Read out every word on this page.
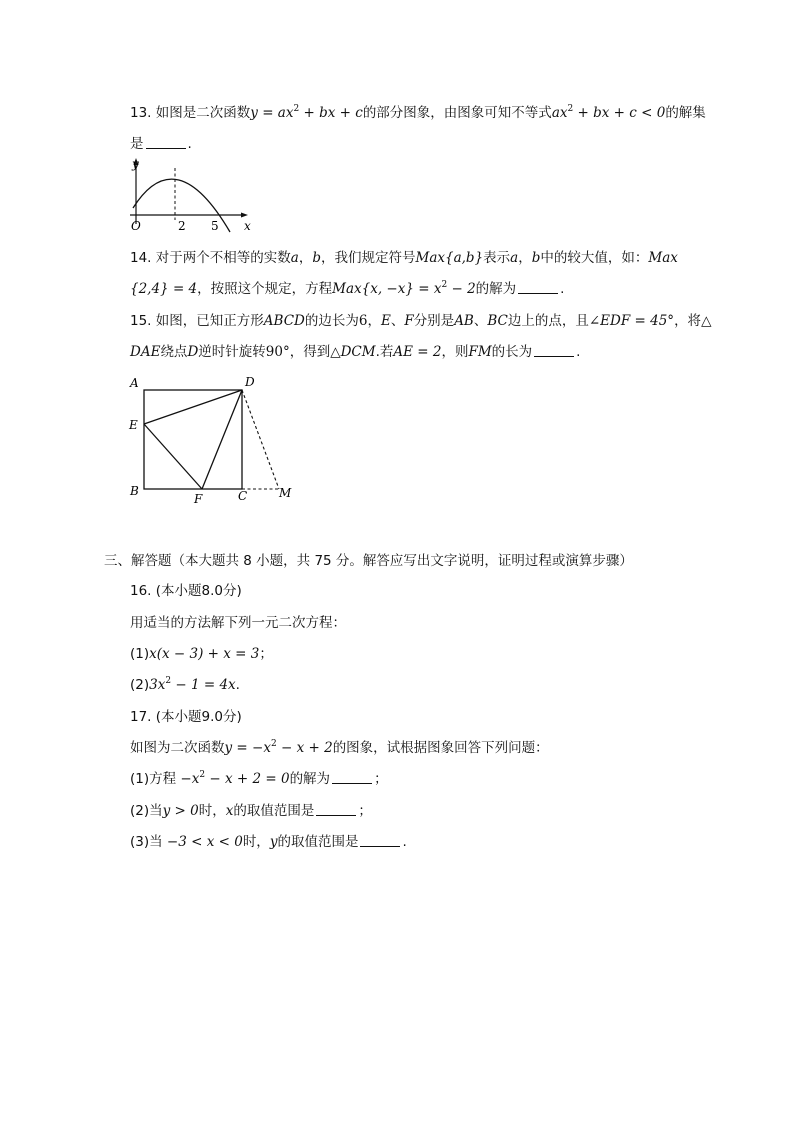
13. 如图是二次函数$y = ax^2$ + bx + c的部分图象，由图象可知不等式$ax^2$ + bx + c < 0的解集
是	.
y
x
O	2 5
14. 对于两个不相等的实数a，b，我们规定符号Max{a,b}表示a，b中的较大值，如：Max
{2,4} = 4，按照这个规定，方程Max{x, $-x\} = x^2 - 2$的解为	.
15. 如图，已知正方形ABCD的边长为6，E、F分别是AB、BC边上的点，且∠EDF = 45°，将△
DAE绕点D逆时针旋转90°，得到△DCM.若AE = 2，则FM的长为	.
A	D
E
B
F	C	M
三、解答题（本大题共 8 小题，共 75 分。解答应写出文字说明，证明过程或演算步骤）
16. (本小题8.0分)
用适当的方法解下列一元二次方程：
(1)x(x − 3) + x = 3；
$(2)3x^2 - 1 = 4x$.
17. (本小题9.0分)
如图为二次函数$y = -x^2 - x + 2$的图象，试根据图象回答下列问题：
(1)方程 $-x^2 - x + 2 = 0$的解为	；
(2)当y > 0时，x的取值范围是	；
(3)当 −3 < x < 0时，y的取值范围是	.
